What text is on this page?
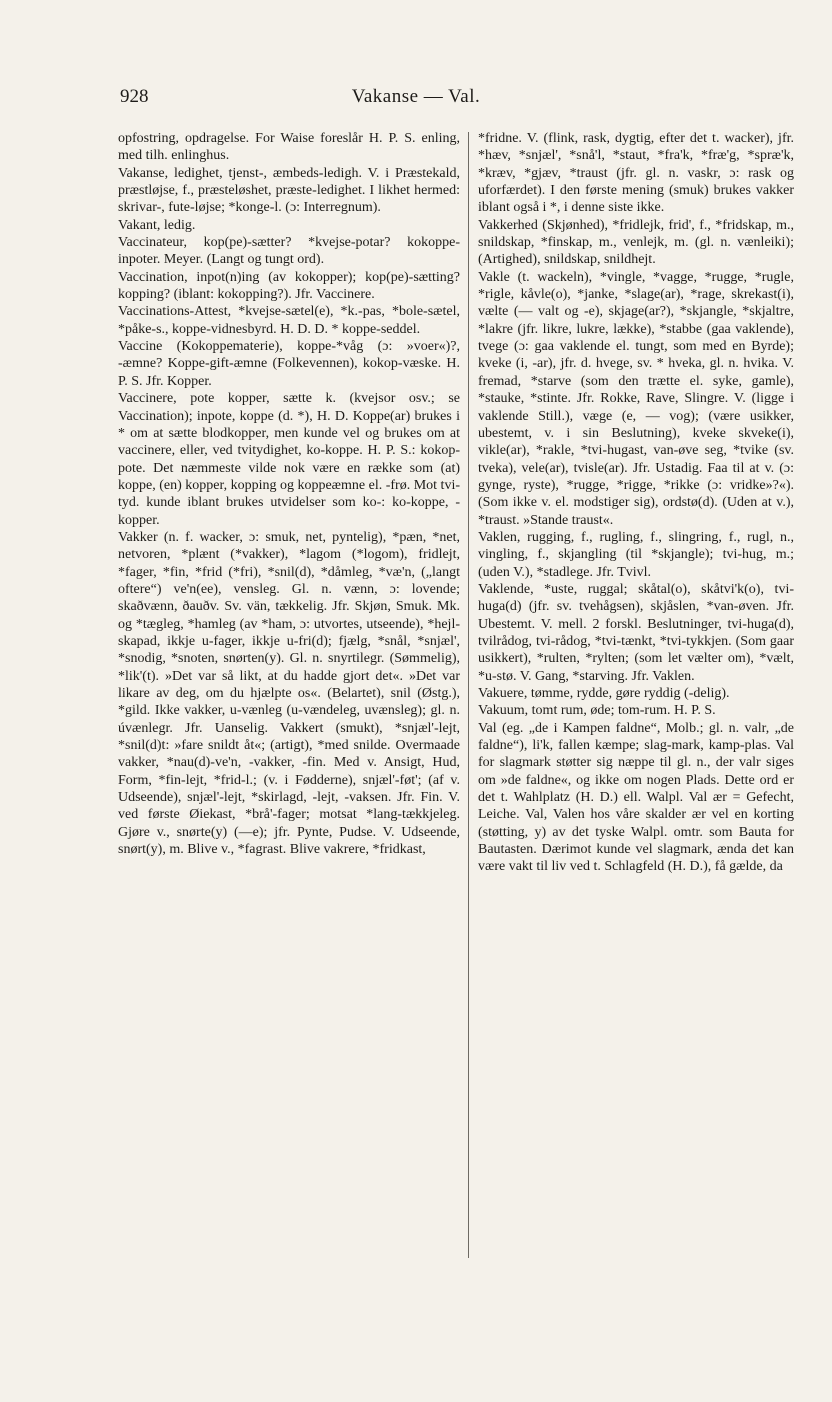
928	Vakanse — Val.

opfostring, opdragelse. For Waise foreslår H. P. S. enling, med tilh. enlinghus.

Vakanse, ledighet, tjenst-, æmbeds-ledigh. V. i Præstekald, præstløjse, f., præsteløshet, præste-ledighet. I likhet hermed: skrivar-, fute-løjse; *konge-l. (ɔ: Interregnum).

Vakant, ledig.

Vaccinateur, kop(pe)-sætter? *kvejse-potar? kokoppe-inpoter. Meyer. (Langt og tungt ord).

Vaccination, inpot(n)ing (av kokopper); kop(pe)-sætting? kopping? (iblant: kokopping?). Jfr. Vaccinere.

Vaccinations-Attest, *kvejse-sætel(e), *k.-pas, *bole-sætel, *påke-s., koppe-vidnesbyrd. H. D. D. * koppe-seddel.

Vaccine (Kokoppematerie), koppe-*våg (ɔ: »voer«)?, -æmne? Koppe-gift-æmne (Folkevennen), kokop-væske. H. P. S. Jfr. Kopper.

Vaccinere, pote kopper, sætte k. (kvejsor osv.; se Vaccination); inpote, koppe (d. *), H. D. Koppe(ar) brukes i * om at sætte blodkopper, men kunde vel og brukes om at vaccinere, eller, ved tvitydighet, ko-koppe. H. P. S.: kokop-pote. Det næmmeste vilde nok være en række som (at) koppe, (en) kopper, kopping og koppeæmne el. -frø. Mot tvi-tyd. kunde iblant brukes utvidelser som ko-: ko-koppe, -kopper.

Vakker (n. f. wacker, ɔ: smuk, net, pyntelig), *pæn, *net, netvoren, *plænt (*vakker), *lagom (*logom), fridlejt, *fager, *fin, *frid (*fri), *snil(d), *dåmleg, *væ'n, („langt oftere“) ve'n(ee), vensleg. Gl. n. vænn, ɔ: lovende; skaðvænn, ðauðv. Sv. vän, tækkelig. Jfr. Skjøn, Smuk. Mk. og *tægleg, *hamleg (av *ham, ɔ: utvortes, utseende), *hejl-skapad, ikkje u-fager, ikkje u-fri(d); fjælg, *snål, *snjæl', *snodig, *snoten, snørten(y). Gl. n. snyrtilegr. (Sømmelig), *lik'(t). »Det var så likt, at du hadde gjort det«. »Det var likare av deg, om du hjælpte os«. (Belartet), snil (Østg.), *gild. Ikke vakker, u-vænleg (u-vændeleg, uvænsleg); gl. n. úvænlegr. Jfr. Uanselig. Vakkert (smukt), *snjæl'-lejt, *snil(d)t: »fare snildt åt«; (artigt), *med snilde. Overmaade vakker, *nau(d)-ve'n, -vakker, -fin. Med v. Ansigt, Hud, Form, *fin-lejt, *frid-l.; (v. i Fødderne), snjæl'-føt'; (af v. Udseende), snjæl'-lejt, *skirlagd, -lejt, -vaksen. Jfr. Fin. V. ved første Øiekast, *brå'-fager; motsat *lang-tækkjeleg. Gjøre v., snørte(y) (—e); jfr. Pynte, Pudse. V. Udseende, snørt(y), m. Blive v., *fagrast. Blive vakrere, *fridkast,

*fridne. V. (flink, rask, dygtig, efter det t. wacker), jfr. *hæv, *snjæl', *snå'l, *staut, *fra'k, *fræ'g, *spræ'k, *kræv, *gjæv, *traust (jfr. gl. n. vaskr, ɔ: rask og uforfærdet). I den første mening (smuk) brukes vakker iblant også i *, i denne siste ikke.

Vakkerhed (Skjønhed), *fridlejk, frid', f., *fridskap, m., snildskap, *finskap, m., venlejk, m. (gl. n. vænleiki); (Artighed), snildskap, snildhejt.

Vakle (t. wackeln), *vingle, *vagge, *rugge, *rugle, *rigle, kåvle(o), *janke, *slage(ar), *rage, skrekast(i), vælte (— valt og -e), skjage(ar?), *skjangle, *skjaltre, *lakre (jfr. likre, lukre, lække), *stabbe (gaa vaklende), tvege (ɔ: gaa vaklende el. tungt, som med en Byrde); kveke (i, -ar), jfr. d. hvege, sv. * hveka, gl. n. hvika. V. fremad, *starve (som den trætte el. syke, gamle), *stauke, *stinte. Jfr. Rokke, Rave, Slingre. V. (ligge i vaklende Still.), væge (e, — vog); (være usikker, ubestemt, v. i sin Beslutning), kveke skveke(i), vikle(ar), *rakle, *tvi-hugast, van-øve seg, *tvike (sv. tveka), vele(ar), tvisle(ar). Jfr. Ustadig. Faa til at v. (ɔ: gynge, ryste), *rugge, *rigge, *rikke (ɔ: vridke»?«). (Som ikke v. el. modstiger sig), ordstø(d). (Uden at v.), *traust. »Stande traust«.

Vaklen, rugging, f., rugling, f., slingring, f., rugl, n., vingling, f., skjangling (til *skjangle); tvi-hug, m.; (uden V.), *stadlege. Jfr. Tvivl.

Vaklende, *uste, ruggal; skåtal(o), skåtvi'k(o), tvi-huga(d) (jfr. sv. tvehågsen), skjåslen, *van-øven. Jfr. Ubestemt. V. mell. 2 forskl. Beslutninger, tvi-huga(d), tvilrådog, tvi-rådog, *tvi-tænkt, *tvi-tykkjen. (Som gaar usikkert), *rulten, *rylten; (som let vælter om), *vælt, *u-stø. V. Gang, *starving. Jfr. Vaklen.

Vakuere, tømme, rydde, gøre ryddig (-delig).

Vakuum, tomt rum, øde; tom-rum. H. P. S.

Val (eg. „de i Kampen faldne“, Molb.; gl. n. valr, „de faldne“), li'k, fallen kæmpe; slag-mark, kamp-plas. Val for slagmark støtter sig næppe til gl. n., der valr siges om »de faldne«, og ikke om nogen Plads. Dette ord er det t. Wahlplatz (H. D.) ell. Walpl. Val ær = Gefecht, Leiche. Val, Valen hos våre skalder ær vel en korting (støtting, y) av det tyske Walpl. omtr. som Bauta for Bautasten. Dærimot kunde vel slagmark, ænda det kan være vakt til liv ved t. Schlagfeld (H. D.), få gælde, da
